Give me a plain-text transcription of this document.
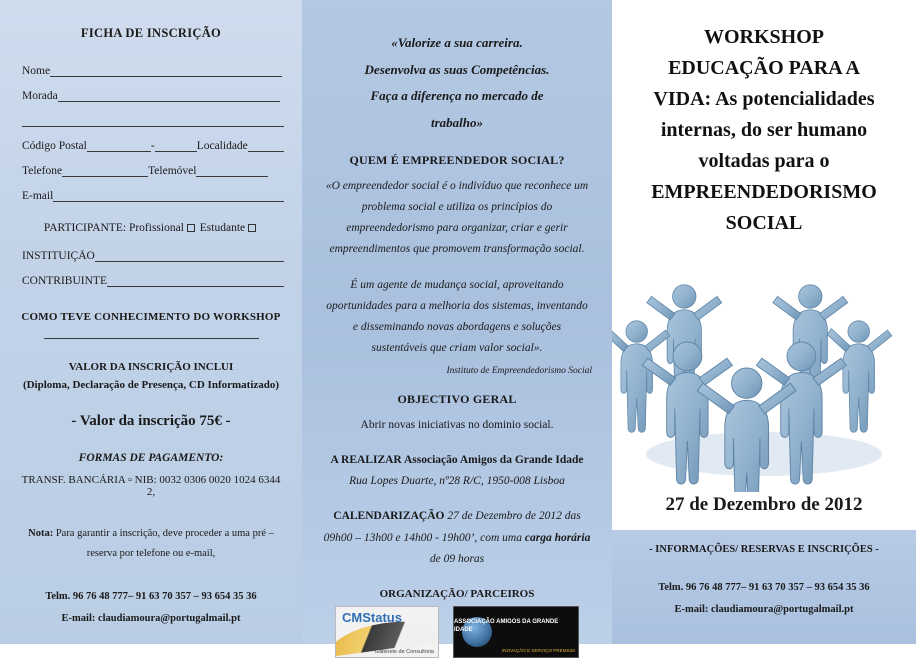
FICHA DE INSCRIÇÃO
Nome
Morada
Código Postal	-	Localidade
Telefone	Telemóvel
E-mail
PARTICIPANTE: Profissional Estudante
INSTITUIÇÃO
CONTRIBUINTE
COMO TEVE CONHECIMENTO DO WORKSHOP
VALOR DA INSCRIÇÃO INCLUI
(Diploma, Declaração de Presença, CD Informatizado)
- Valor da inscrição 75€ -
FORMAS DE PAGAMENTO:
TRANSF. BANCÁRIA ▫ NIB: 0032 0306 0020 1024 6344 2,
Nota: Para garantir a inscrição, deve proceder a uma pré –
reserva por telefone ou e-mail,
Telm. 96 76 48 777– 91 63 70 357 – 93 654 35 36
E-mail: claudiamoura@portugalmail.pt
«Valorize a sua carreira.
Desenvolva as suas Competências.
Faça a diferença no mercado de
trabalho»
QUEM É EMPREENDEDOR SOCIAL?
«O empreendedor social é o indivíduo que reconhece um problema social e utiliza os princípios do empreendedorismo para organizar, criar e gerir empreendimentos que promovem transformação social.
É um agente de mudança social, aproveitando oportunidades para a melhoria dos sistemas, inventando e disseminando novas abordagens e soluções sustentáveis que criam valor social».
Instituto de Empreendedorismo Social
OBJECTIVO GERAL
Abrir novas iniciativas no dominio social.
A REALIZAR Associação Amigos da Grande Idade Rua Lopes Duarte, nº28 R/C, 1950-008 Lisboa
CALENDARIZAÇÃO 27 de Dezembro de 2012 das 09h00 – 13h00 e 14h00 - 19h00’, com uma carga horária de 09 horas
ORGANIZAÇÃO/ PARCEIROS
CMStatus
Gabinete de Consultoria
ASSOCIAÇÃO AMIGOS DA GRANDE IDADE
INOVAÇÃO E SERVIÇO PREMIUM
WORKSHOP
EDUCAÇÃO PARA A
VIDA: As potencialidades
internas, do ser humano
voltadas para o
EMPREENDEDORISMO
SOCIAL
27 de Dezembro de 2012
- INFORMAÇÕES/ RESERVAS E INSCRIÇÕES -
Telm. 96 76 48 777– 91 63 70 357 – 93 654 35 36
E-mail: claudiamoura@portugalmail.pt
